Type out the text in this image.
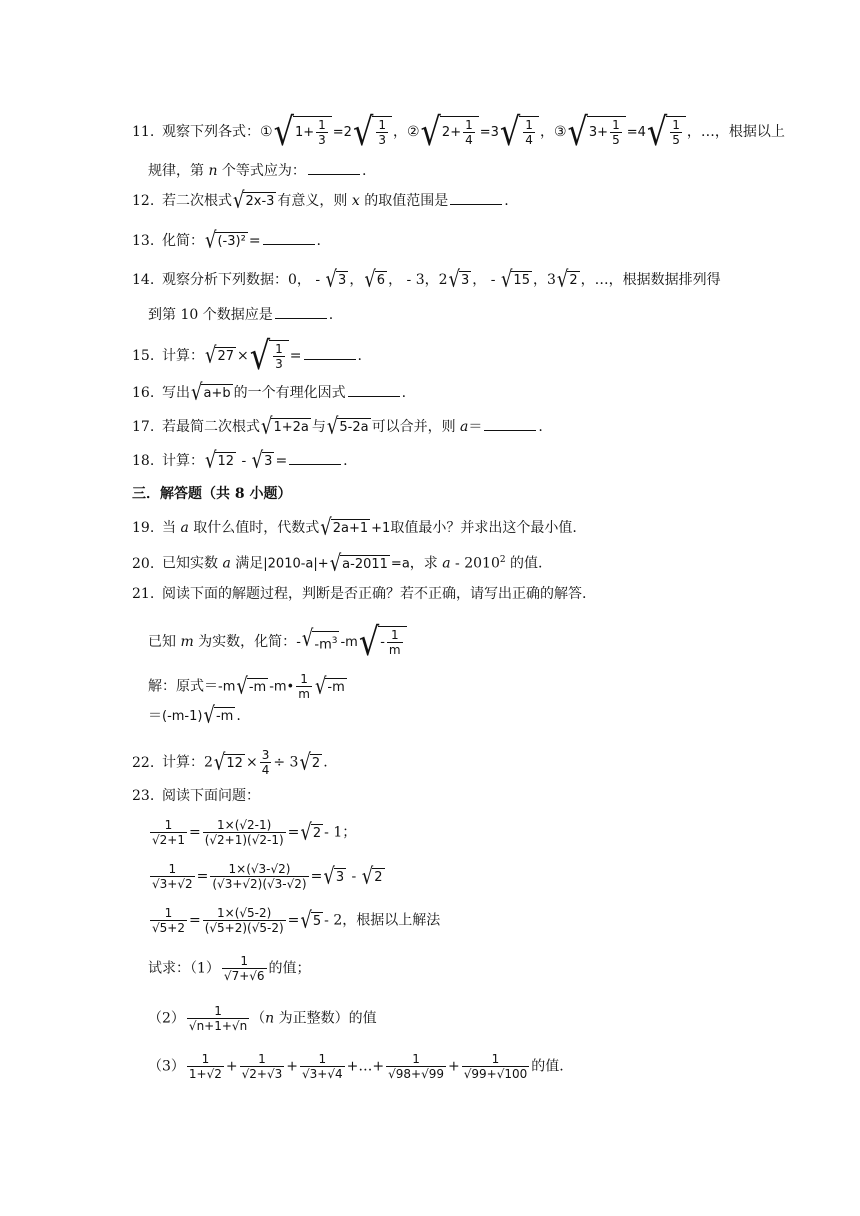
11. 观察下列各式：① √ $1+ \frac{1}{3} =2$ √ $\frac{1}{3}$ ，② √ $2+ \frac{1}{4} =3$ √ $\frac{1}{4}$ ，③ √ $3+ \frac{1}{5} =4$ √ $\frac{1}{5}$ ，…，根据以上
规律，第 n 个等式应为：	.
12. 若二次根式 √ 2x-3 有意义，则 x 的取值范围是	.
13. 化简： √ (-3)² =	.
14. 观察分析下列数据：0， - √ 3 ， √ 6 ， - 3，2 √ 3 ， - √ 15 ，3 √ 2 ，…，根据数据排列得
到第 10 个数据应是	.
15. 计算： √ 27 × √ $\frac{1}{3}$ =	.
16. 写出 √ a+b 的一个有理化因式	.
17. 若最简二次根式 √ 1+2a 与 √ 5-2a 可以合并，则 a＝	.
18. 计算： √ 12 - √ 3 =	.
三．解答题（共 8 小题）
19. 当 a 取什么值时，代数式 √ 2a+1 +1取值最小？并求出这个最小值.
20. 已知实数 a 满足|2010-a|+ √ a-2011 =a，求 a - 2010$^2$ 的值.
21. 阅读下面的解题过程，判断是否正确？若不正确，请写出正确的解答.
已知 m 为实数，化简：- √ $-m^3$ -m √ - $\frac{1}{m}$
解：原式＝-m √ -m -m• $\frac{1}{m}$ √ -m
＝(-m-1) √ -m .
22. 计算：2 √ $12 \times \frac{3}{4} \div 3$ √ 2 .
23. 阅读下面问题：
$\frac{1}{√2+1} = \frac{1\times(√2-1)}{(√2+1)(√2-1)}$ = √ 2 - 1；
$\frac{1}{√3+√2} = \frac{1\times(√3-√2)}{(√3+√2)(√3-√2)}$ = √ 3 - √ 2
$\frac{1}{√5+2} = \frac{1\times(√5-2)}{(√5+2)(√5-2)}$ = √ 5 - 2，根据以上解法
试求：$(1) \frac{1}{√7+√6}$ 的值；
$(2) \frac{1}{√n+1+√n} (n$ 为正整数）的值
$(3) \frac{1}{1+√2} + \frac{1}{√2+√3} + \frac{1}{√3+√4}$ +…+ $\frac{1}{√98+√99} + \frac{1}{√99+√100}$ 的值.
